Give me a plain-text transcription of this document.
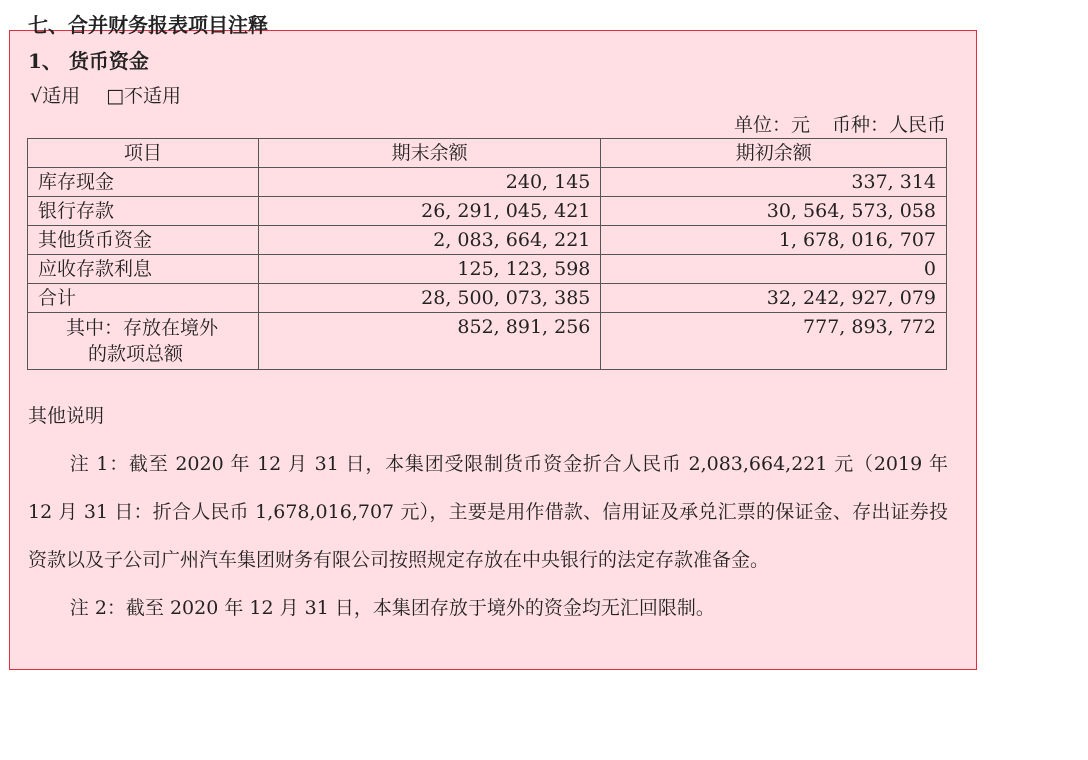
七、合并财务报表项目注释
1、 货币资金
√适用 □不适用
单位：元 币种：人民币
项目	期末余额	期初余额
库存现金	240, 145	337, 314
银行存款	26, 291, 045, 421	30, 564, 573, 058
其他货币资金	2, 083, 664, 221	1, 678, 016, 707
应收存款利息	125, 123, 598	0
合计	28, 500, 073, 385	32, 242, 927, 079

其中：存放在境外
的款项总额	852, 891, 256	777, 893, 772
其他说明

注 1：截至 2020 年 12 月 31 日，本集团受限制货币资金折合人民币 2,083,664,221 元（2019 年 12 月 31 日：折合人民币 1,678,016,707 元），主要是用作借款、信用证及承兑汇票的保证金、存出证券投资款以及子公司广州汽车集团财务有限公司按照规定存放在中央银行的法定存款准备金。

注 2：截至 2020 年 12 月 31 日，本集团存放于境外的资金均无汇回限制。
